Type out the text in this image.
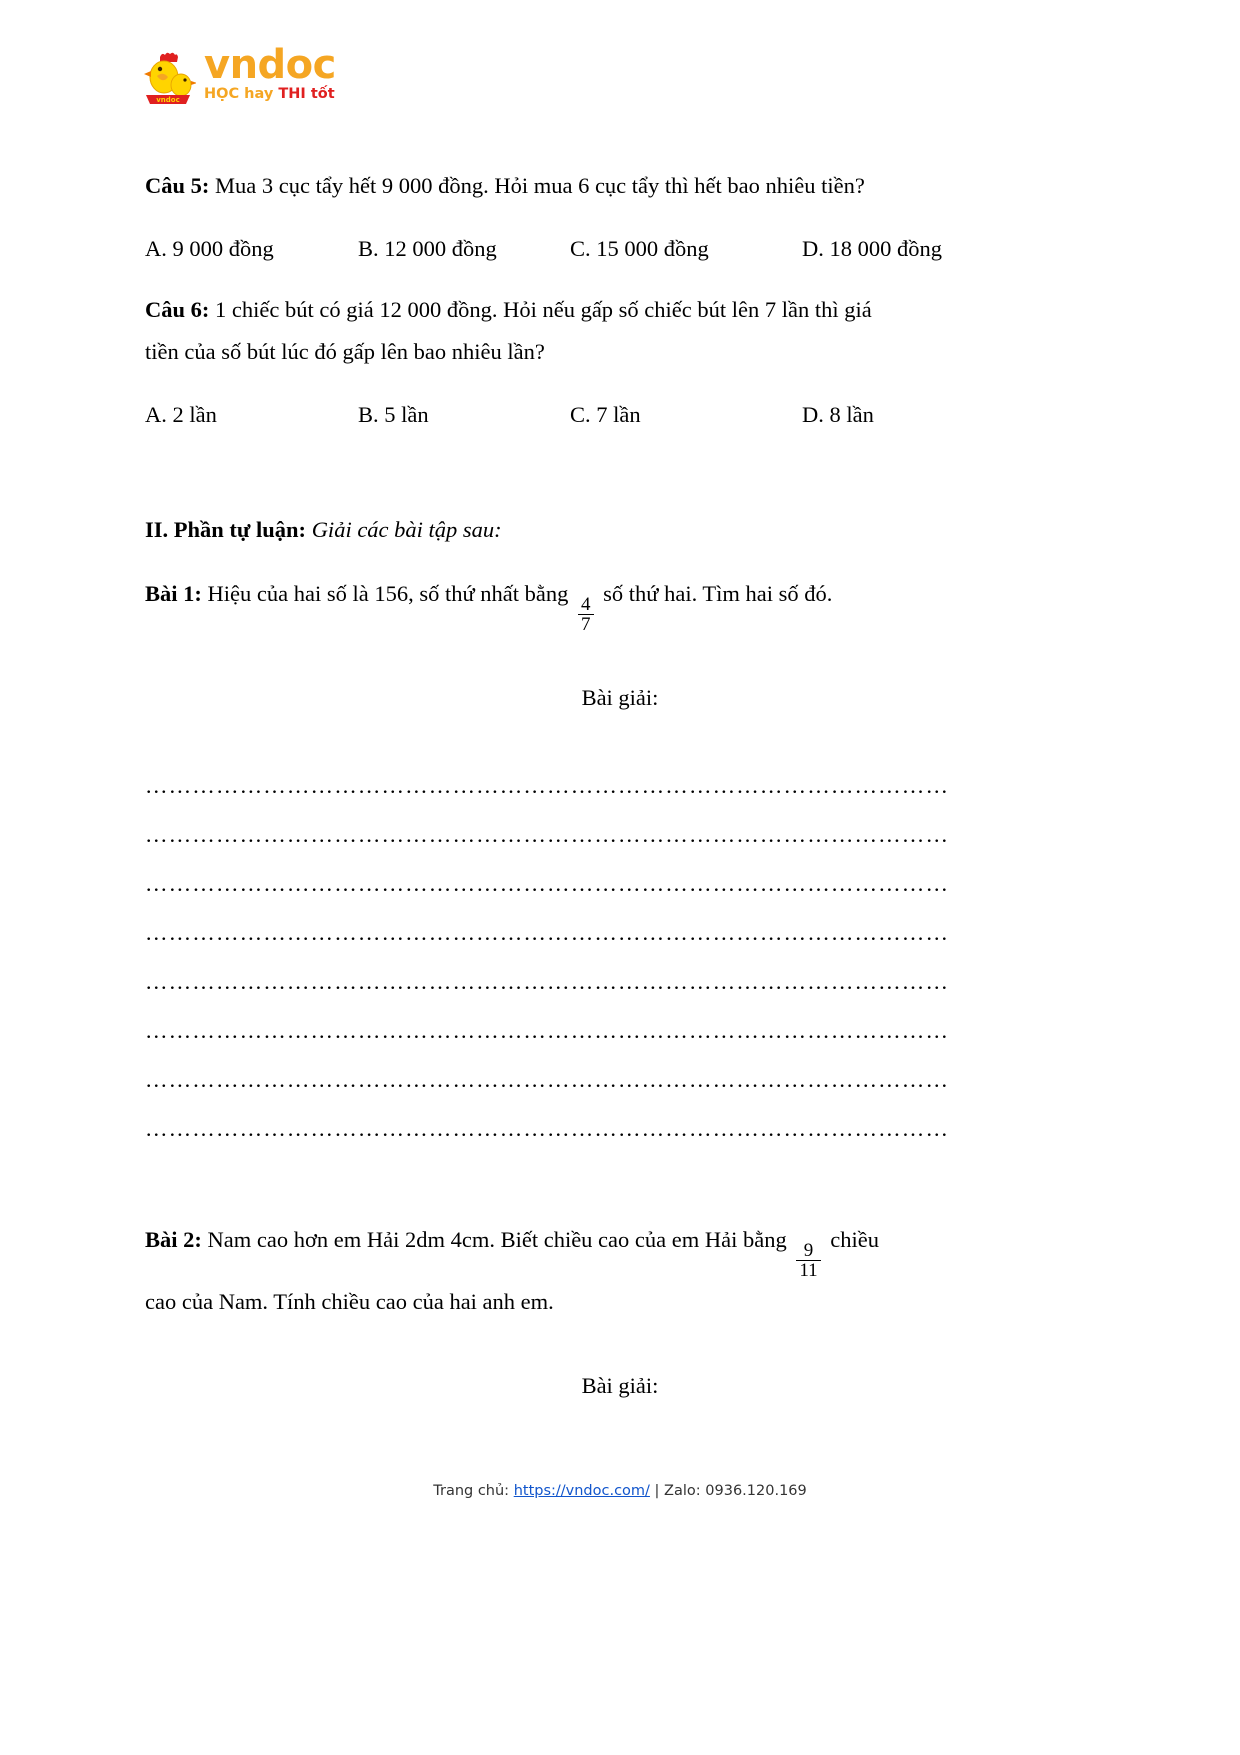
vndoc
vndoc
HỌC hay THI tốt

Câu 5: Mua 3 cục tẩy hết 9 000 đồng. Hỏi mua 6 cục tẩy thì hết bao nhiêu tiền?

A. 9 000 đồng	B. 12 000 đồng	C. 15 000 đồng	D. 18 000 đồng

Câu 6: 1 chiếc bút có giá 12 000 đồng. Hỏi nếu gấp số chiếc bút lên 7 lần thì giá

tiền của số bút lúc đó gấp lên bao nhiêu lần?

A. 2 lần	B. 5 lần	C. 7 lần	D. 8 lần

II. Phần tự luận: Giải các bài tập sau:

Bài 1: Hiệu của hai số là 156, số thứ nhất bằng
$\frac{4}{7}$
số thứ hai. Tìm hai số đó.

Bài giải:

…………………………………………………………………………………………
…………………………………………………………………………………………
…………………………………………………………………………………………
…………………………………………………………………………………………
…………………………………………………………………………………………
…………………………………………………………………………………………
…………………………………………………………………………………………
…………………………………………………………………………………………

Bài 2: Nam cao hơn em Hải 2dm 4cm. Biết chiều cao của em Hải bằng
$\frac{9}{11}$
chiều

cao của Nam. Tính chiều cao của hai anh em.

Bài giải:

Trang chủ: https://vndoc.com/ | Zalo: 0936.120.169
